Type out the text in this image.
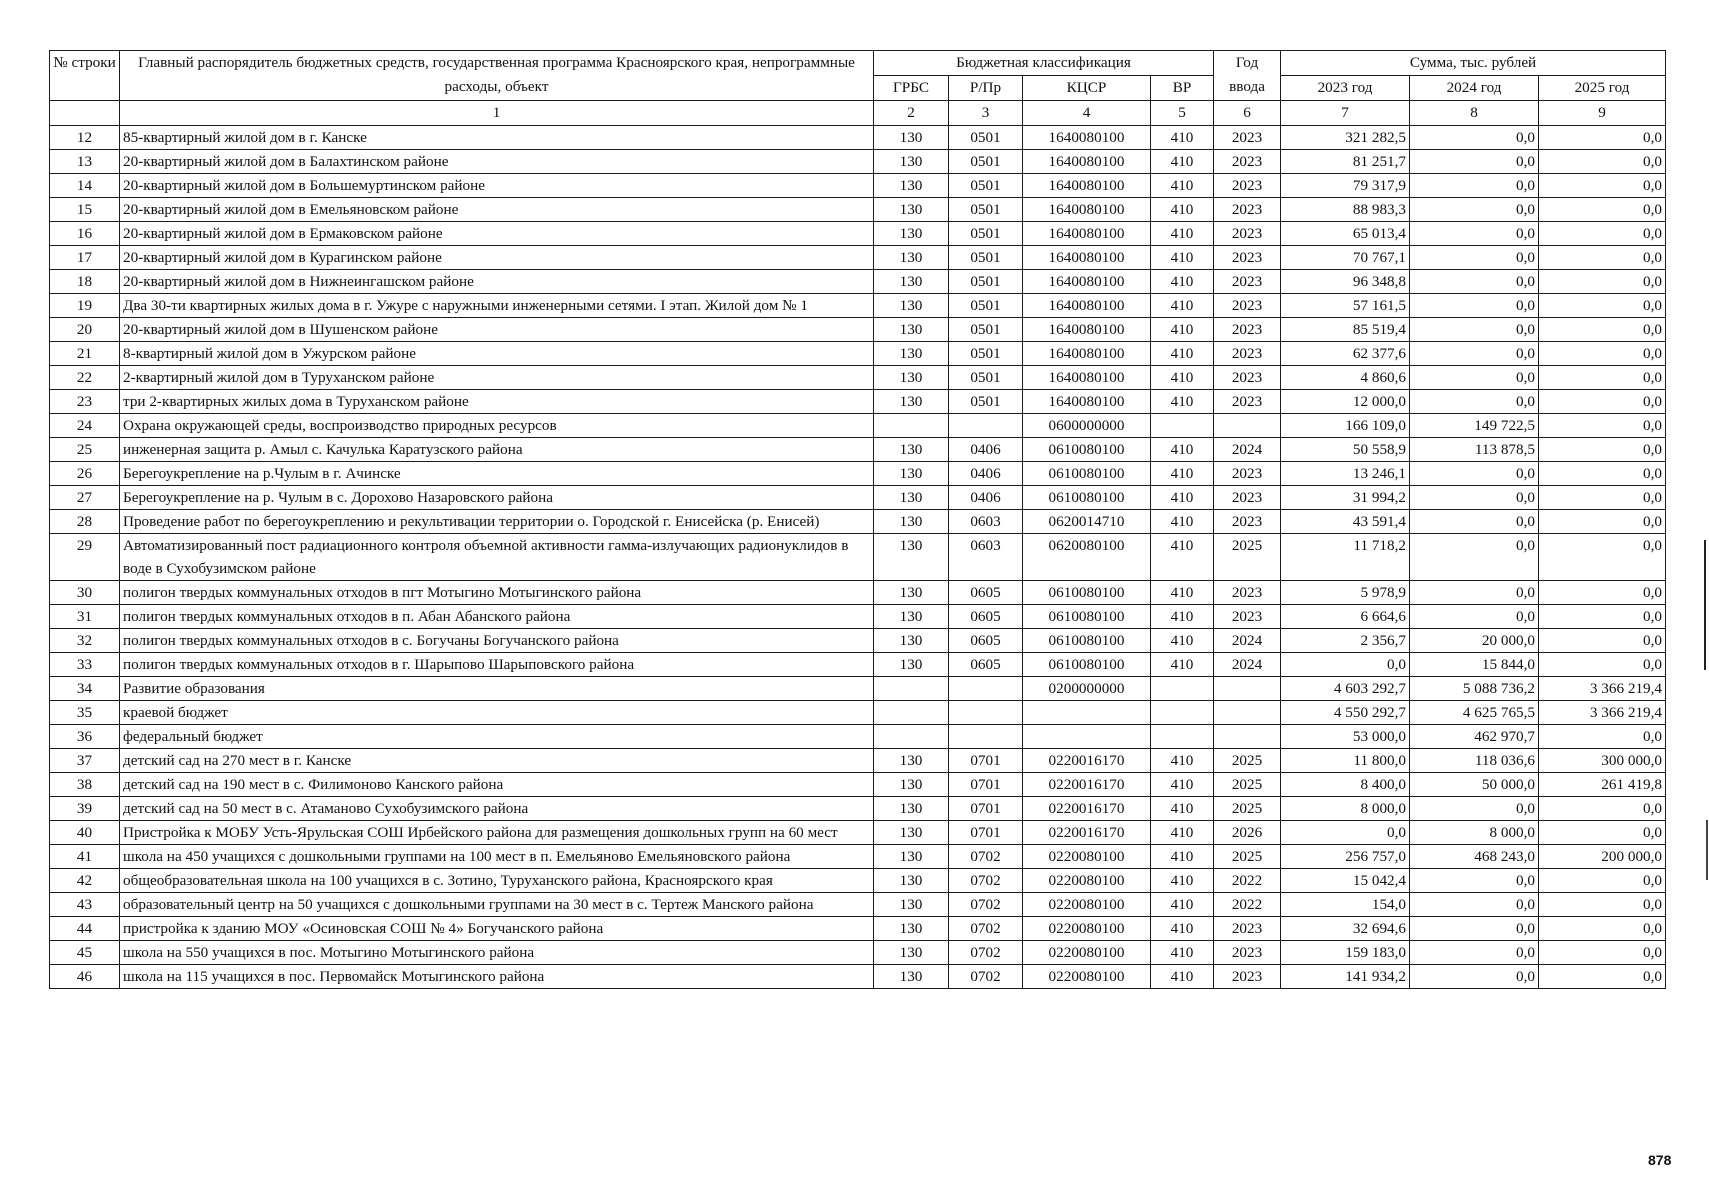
№ строки	Главный распорядитель бюджетных средств, государственная программа Красноярского края, непрограммные расходы, объект	Бюджетная классификация				Год ввода	Сумма, тыс. рублей		
		ГРБС	Р/Пр	КЦСР	ВР		2023 год	2024 год	2025 год
	1	2	3	4	5	6	7	8	9
12	85-квартирный жилой дом в г. Канске	130	0501	1640080100	410	2023	321 282,5	0,0	0,0
13	20-квартирный жилой дом в Балахтинском районе	130	0501	1640080100	410	2023	81 251,7	0,0	0,0
14	20-квартирный жилой дом в Большемуртинском районе	130	0501	1640080100	410	2023	79 317,9	0,0	0,0
15	20-квартирный жилой дом в Емельяновском районе	130	0501	1640080100	410	2023	88 983,3	0,0	0,0
16	20-квартирный жилой дом в Ермаковском районе	130	0501	1640080100	410	2023	65 013,4	0,0	0,0
17	20-квартирный жилой дом в Курагинском районе	130	0501	1640080100	410	2023	70 767,1	0,0	0,0
18	20-квартирный жилой дом в Нижнеингашском районе	130	0501	1640080100	410	2023	96 348,8	0,0	0,0
19	Два 30-ти квартирных жилых дома в г. Ужуре с наружными инженерными сетями. I этап. Жилой дом № 1	130	0501	1640080100	410	2023	57 161,5	0,0	0,0
20	20-квартирный жилой дом в Шушенском районе	130	0501	1640080100	410	2023	85 519,4	0,0	0,0
21	8-квартирный жилой дом в Ужурском районе	130	0501	1640080100	410	2023	62 377,6	0,0	0,0
22	2-квартирный жилой дом в Туруханском районе	130	0501	1640080100	410	2023	4 860,6	0,0	0,0
23	три 2-квартирных жилых дома в Туруханском районе	130	0501	1640080100	410	2023	12 000,0	0,0	0,0
24	Охрана окружающей среды, воспроизводство природных ресурсов			0600000000			166 109,0	149 722,5	0,0
25	инженерная защита р. Амыл с. Качулька Каратузского района	130	0406	0610080100	410	2024	50 558,9	113 878,5	0,0
26	Берегоукрепление на р.Чулым в г. Ачинске	130	0406	0610080100	410	2023	13 246,1	0,0	0,0
27	Берегоукрепление на р. Чулым в с. Дорохово Назаровского района	130	0406	0610080100	410	2023	31 994,2	0,0	0,0
28	Проведение работ по берегоукреплению и рекультивации территории о. Городской г. Енисейска (р. Енисей)	130	0603	0620014710	410	2023	43 591,4	0,0	0,0
29	Автоматизированный пост радиационного контроля объемной активности гамма-излучающих радионуклидов в воде в Сухобузимском районе	130	0603	0620080100	410	2025	11 718,2	0,0	0,0
30	полигон твердых коммунальных отходов в пгт Мотыгино Мотыгинского района	130	0605	0610080100	410	2023	5 978,9	0,0	0,0
31	полигон твердых коммунальных отходов в п. Абан Абанского района	130	0605	0610080100	410	2023	6 664,6	0,0	0,0
32	полигон твердых коммунальных отходов в с. Богучаны Богучанского района	130	0605	0610080100	410	2024	2 356,7	20 000,0	0,0
33	полигон твердых коммунальных отходов в г. Шарыпово Шарыповского района	130	0605	0610080100	410	2024	0,0	15 844,0	0,0
34	Развитие образования			0200000000			4 603 292,7	5 088 736,2	3 366 219,4
35	краевой бюджет						4 550 292,7	4 625 765,5	3 366 219,4
36	федеральный бюджет						53 000,0	462 970,7	0,0
37	детский сад на 270 мест в г. Канске	130	0701	0220016170	410	2025	11 800,0	118 036,6	300 000,0
38	детский сад на 190 мест в с. Филимоново Канского района	130	0701	0220016170	410	2025	8 400,0	50 000,0	261 419,8
39	детский сад на 50 мест в с. Атаманово Сухобузимского района	130	0701	0220016170	410	2025	8 000,0	0,0	0,0
40	Пристройка к МОБУ Усть-Ярульская СОШ Ирбейского района для размещения дошкольных групп на 60 мест	130	0701	0220016170	410	2026	0,0	8 000,0	0,0
41	школа на 450 учащихся с дошкольными группами на 100 мест в п. Емельяново Емельяновского района	130	0702	0220080100	410	2025	256 757,0	468 243,0	200 000,0
42	общеобразовательная школа на 100 учащихся в с. Зотино, Туруханского района, Красноярского края	130	0702	0220080100	410	2022	15 042,4	0,0	0,0
43	образовательный центр на 50 учащихся с дошкольными группами на 30 мест в с. Тертеж Манского района	130	0702	0220080100	410	2022	154,0	0,0	0,0
44	пристройка к зданию МОУ «Осиновская СОШ № 4» Богучанского района	130	0702	0220080100	410	2023	32 694,6	0,0	0,0
45	школа на 550 учащихся в пос. Мотыгино Мотыгинского района	130	0702	0220080100	410	2023	159 183,0	0,0	0,0
46	школа на 115 учащихся в пос. Первомайск Мотыгинского района	130	0702	0220080100	410	2023	141 934,2	0,0	0,0
878
